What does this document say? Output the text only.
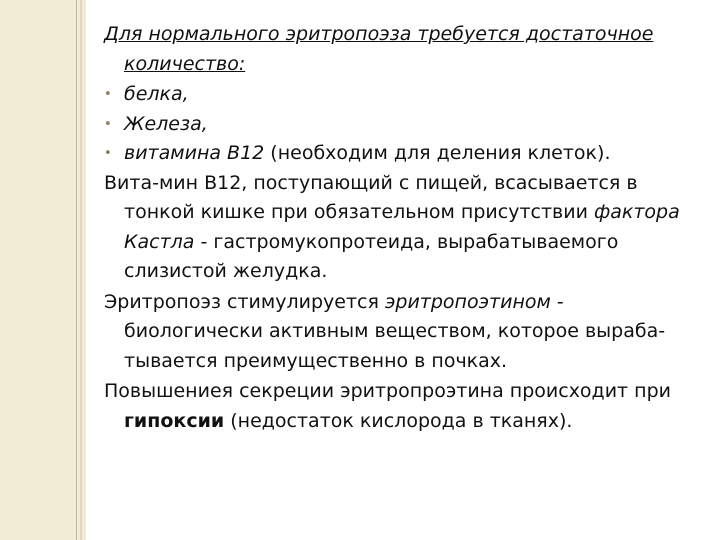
Для нормального эритропоэза требуется достаточное количество:

• белка,
• Железа,
• витамина В12 (необходим для деления клеток).

Вита-мин В12, поступающий с пищей, всасывается в тонкой кишке при обязательном присутствии фактора Кастла - гастромукопротеида, вырабатываемого слизистой желудка.

Эритропоэз стимулируется эритропоэтином - биологически активным веществом, которое выраба-тывается преимущественно в почках.

Повышениея секреции эритропроэтина происходит при гипоксии (недостаток кислорода в тканях).
